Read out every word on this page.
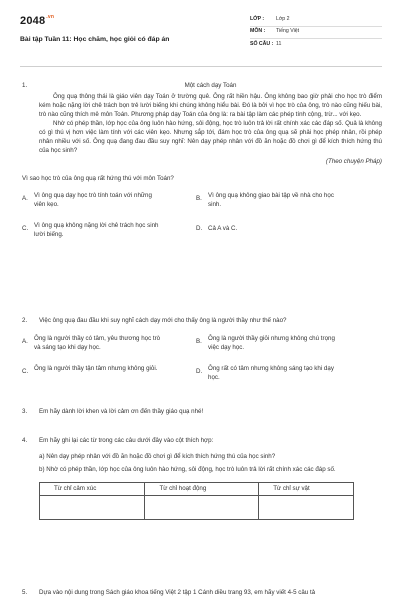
$2048^{.vn}$
Bài tập Tuần 11: Học chăm, học giỏi có đáp án
LỚP :	Lớp 2
MÔN :	Tiếng Việt
SỐ CÂU : 11
1.	Một cách dạy Toán

Ông quạ thông thái là giáo viên dạy Toán ở trường quê. Ông rất hiền hậu. Ông không bao giờ phải cho học trò điểm kém hoặc nặng lời chê trách bọn trẻ lười biếng khi chúng không hiểu bài. Đó là bởi vì học trò của ông, trò nào cũng hiếu bài, trò nào cũng thích mê môn Toán. Phương pháp dạy Toán của ông là: ra bài tập làm các phép tính cộng, trừ... với kẹo.

Nhờ có phép thần, lớp học của ông luôn hào hứng, sôi động, học trò luôn trả lời rất chính xác các đáp số. Quả là không có gì thú vị hơn việc làm tính với các viên kẹo. Nhưng sắp tới, đám học trò của ông quạ sẽ phải học phép nhân, rồi phép nhân nhiều với số. Ông quạ đang đau đầu suy nghĩ: Nên dạy phép nhân với đồ ăn hoặc đồ chơi gì để kích thích hứng thú của học sinh?

(Theo chuyện Pháp)
Vì sao học trò của ông quạ rất hứng thú với môn Toán?
A. Vì ông quạ dạy học trò tính toán với những viên kẹo.
B. Vì ông quạ không giao bài tập về nhà cho học sinh.
C. Vì ông quạ không nặng lời chê trách học sinh lười biếng.
D. Cả A và C.
2. Việc ông quạ đau đầu khi suy nghĩ cách dạy mới cho thấy ông là người thầy như thế nào?
A. Ông là người thầy có tâm, yêu thương học trò và sáng tạo khi dạy học.
B. Ông là người thầy giỏi nhưng không chú trọng việc dạy học.
C. Ông là người thầy tận tâm nhưng không giỏi.	D. Ông rất có tâm nhưng không sáng tạo khi dạy học.
3. Em hãy dành lời khen và lời cảm ơn đến thầy giáo quạ nhé!
4. Em hãy ghi lại các từ trong các câu dưới đây vào cột thích hợp:
a) Nên dạy phép nhân với đồ ăn hoặc đồ chơi gì để kích thích hứng thú của học sinh?
b) Nhờ có phép thần, lớp học của ông luôn hào hứng, sôi động, học trò luôn trả lời rất chính xác các đáp số.
Từ chỉ cảm xúc	Từ chỉ hoạt động	Từ chỉ sự vật

5. Dựa vào nội dung trong Sách giáo khoa tiếng Việt 2 tập 1 Cánh diều trang 93, em hãy viết 4-5 câu tả
